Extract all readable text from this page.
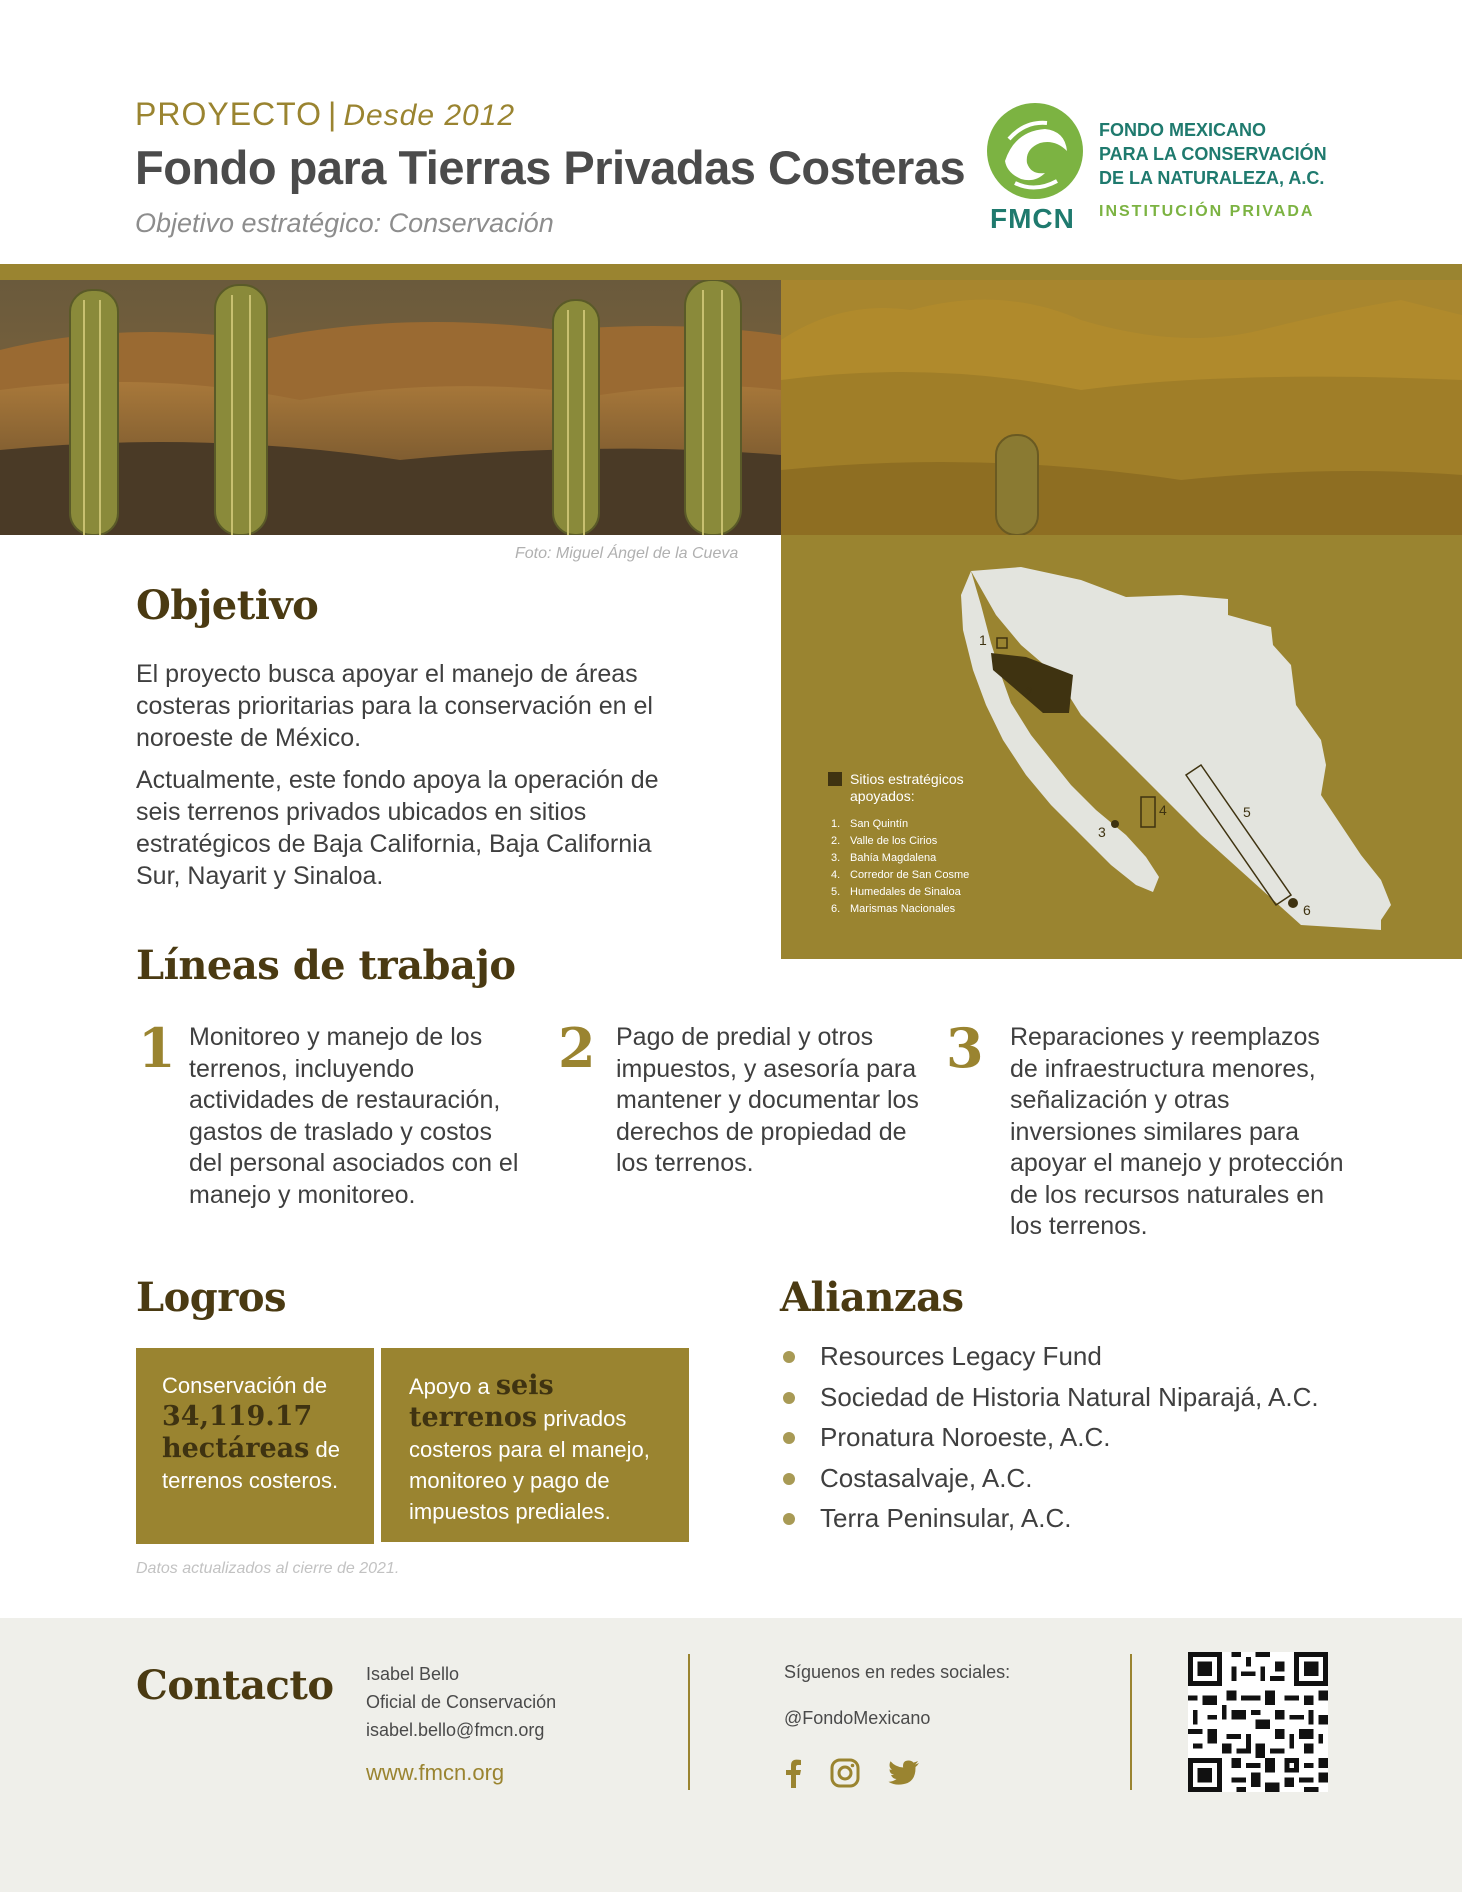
PROYECTO | Desde 2012
Fondo para Tierras Privadas Costeras
Objetivo estratégico: Conservación	FMCN
FONDO MEXICANO
PARA LA CONSERVACIÓN
DE LA NATURALEZA, A.C.
INSTITUCIÓN PRIVADA
Foto: Miguel Ángel de la Cueva
1
2
3
4	5
6
Sitios estratégicos
apoyados:
1. San Quintín
2. Valle de los Cirios
3. Bahía Magdalena
4. Corredor de San Cosme
5. Humedales de Sinaloa
6. Marismas Nacionales
Objetivo

El proyecto busca apoyar el manejo de áreas costeras prioritarias para la conservación en el noroeste de México.

Actualmente, este fondo apoya la operación de seis terrenos privados ubicados en sitios estratégicos de Baja California, Baja California Sur, Nayarit y Sinaloa.

Líneas de trabajo
1 Monitoreo y manejo de los terrenos, incluyendo actividades de restauración, gastos de traslado y costos del personal asociados con el manejo y monitoreo.
2 Pago de predial y otros impuestos, y asesoría para mantener y documentar los derechos de propiedad de los terrenos.
3 Reparaciones y reemplazos de infraestructura menores, señalización y otras inversiones similares para apoyar el manejo y protección de los recursos naturales en los terrenos.
Logros
Conservación de 34,119.17 hectáreas de terrenos costeros.
Apoyo a seis terrenos privados costeros para el manejo, monitoreo y pago de impuestos prediales.
Datos actualizados al cierre de 2021.
Alianzas
Resources Legacy Fund
Sociedad de Historia Natural Niparajá, A.C.
Pronatura Noroeste, A.C.
Costasalvaje, A.C.
Terra Peninsular, A.C.
Contacto Isabel Bello
Oficial de Conservación
isabel.bello@fmcn.org
www.fmcn.org
Síguenos en redes sociales:
@FondoMexicano
